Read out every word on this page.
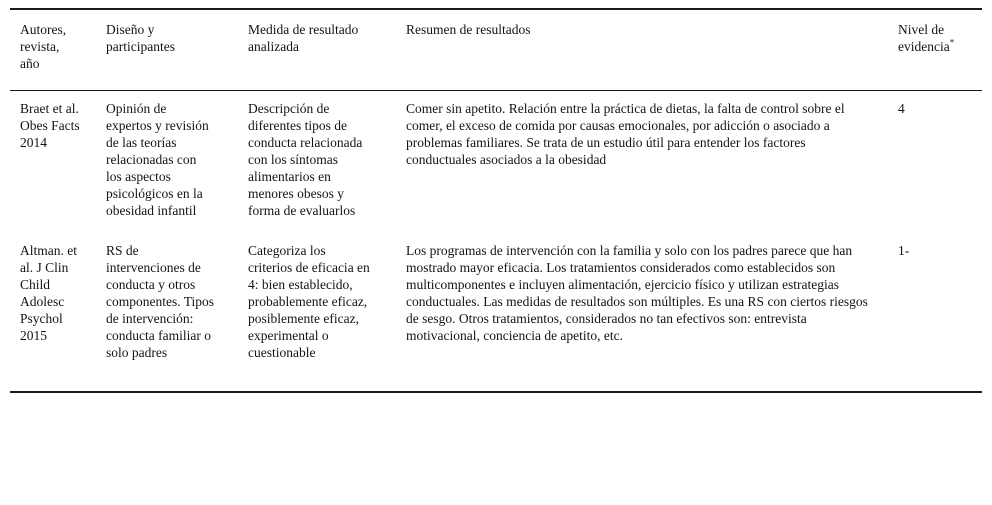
Autores, revista, año	Diseño y participantes	Medida de resultado analizada	Resumen de resultados	Nivel de evidencia*
Braet et al. Obes Facts 2014	Opinión de expertos y revisión de las teorías relacionadas con los aspectos psicológicos en la obesidad infantil	Descripción de diferentes tipos de conducta relacionada con los síntomas alimentarios en menores obesos y forma de evaluarlos	Comer sin apetito. Relación entre la práctica de dietas, la falta de control sobre el comer, el exceso de comida por causas emocionales, por adicción o asociado a problemas familiares. Se trata de un estudio útil para entender los factores conductuales asociados a la obesidad	4
Altman. et al. J Clin Child Adolesc Psychol 2015	RS de intervenciones de conducta y otros componentes. Tipos de intervención: conducta familiar o solo padres	Categoriza los criterios de eficacia en 4: bien establecido, probablemente eficaz, posiblemente eficaz, experimental o cuestionable	Los programas de intervención con la familia y solo con los padres parece que han mostrado mayor eficacia. Los tratamientos considerados como establecidos son multicomponentes e incluyen alimentación, ejercicio físico y utilizan estrategias conductuales. Las medidas de resultados son múltiples. Es una RS con ciertos riesgos de sesgo. Otros tratamientos, considerados no tan efectivos son: entrevista motivacional, conciencia de apetito, etc.	1-
